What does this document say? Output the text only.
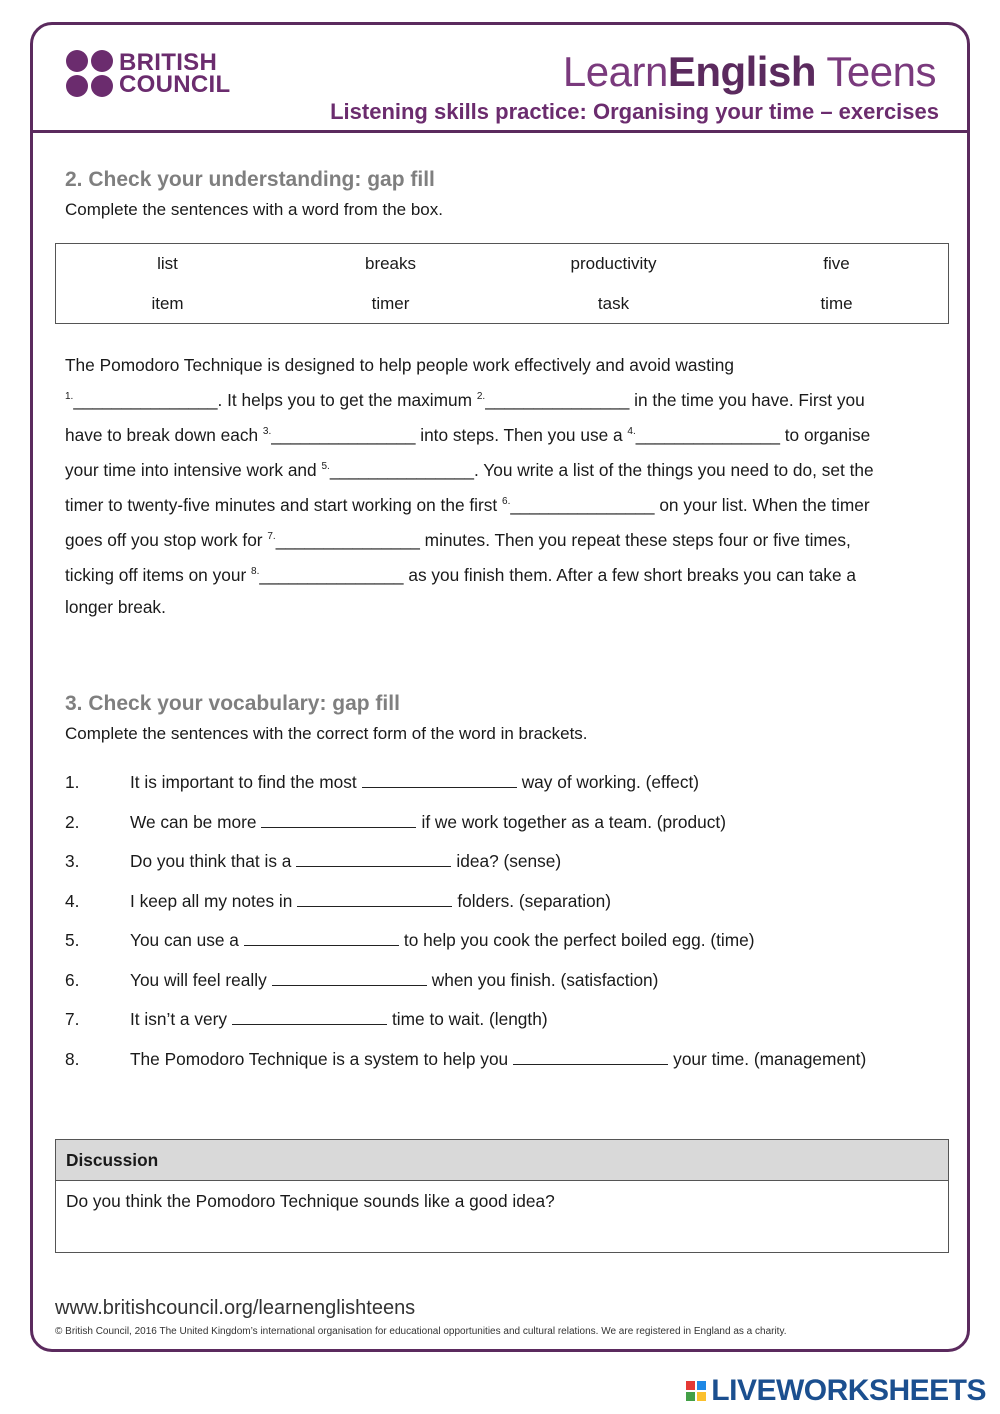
BRITISH
COUNCIL	LearnEnglish Teens
Listening skills practice: Organising your time – exercises
2. Check your understanding: gap fill
Complete the sentences with a word from the box.
list	breaks	productivity	five
item	timer	task	time
The Pomodoro Technique is designed to help people work effectively and avoid wasting
$^{1.}$_______________. It helps you to get the maximum $^{2.}$_______________ in the time you have. First you
have to break down each $^{3.}$_______________ into steps. Then you use a $^{4.}$_______________ to organise
your time into intensive work and $^{5.}$_______________. You write a list of the things you need to do, set the
timer to twenty-five minutes and start working on the first $^{6.}$_______________ on your list. When the timer
goes off you stop work for $^{7.}$_______________ minutes. Then you repeat these steps four or five times,
ticking off items on your $^{8.}$_______________ as you finish them. After a few short breaks you can take a
longer break.
3. Check your vocabulary: gap fill
Complete the sentences with the correct form of the word in brackets.
1.	It is important to find the most	way of working. (effect)
2.	We can be more	if we work together as a team. (product)
3.	Do you think that is a	idea? (sense)
4.	I keep all my notes in	folders. (separation)
5.	You can use a	to help you cook the perfect boiled egg. (time)
6.	You will feel really	when you finish. (satisfaction)
7.	It isn’t a very	time to wait. (length)
8.	The Pomodoro Technique is a system to help you	your time. (management)
Discussion
Do you think the Pomodoro Technique sounds like a good idea?
www.britishcouncil.org/learnenglishteens
© British Council, 2016 The United Kingdom’s international organisation for educational opportunities and cultural relations. We are registered in England as a charity.
LIVEWORKSHEETS
